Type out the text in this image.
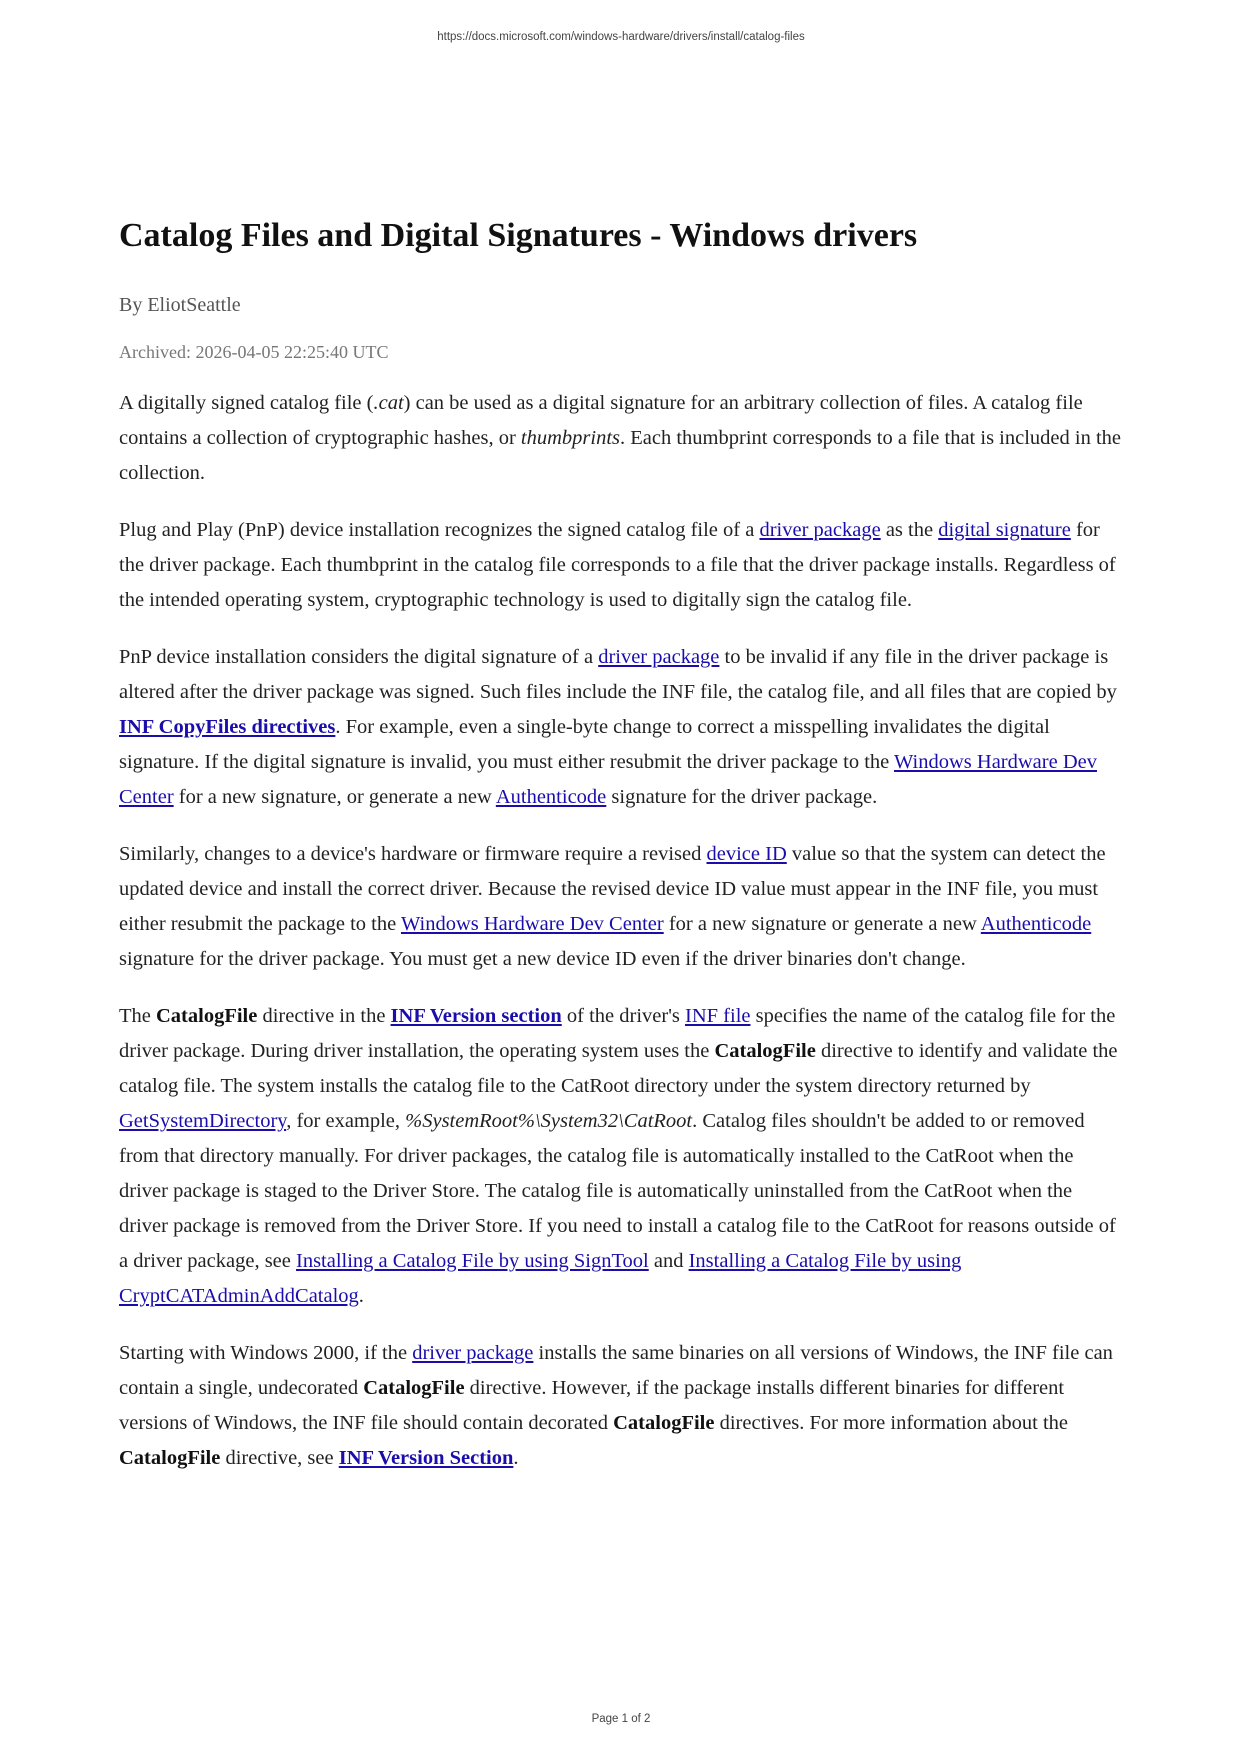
https://docs.microsoft.com/windows-hardware/drivers/install/catalog-files
Catalog Files and Digital Signatures - Windows drivers
By EliotSeattle
Archived: 2026-04-05 22:25:40 UTC
A digitally signed catalog file (.cat) can be used as a digital signature for an arbitrary collection of files. A catalog file contains a collection of cryptographic hashes, or thumbprints. Each thumbprint corresponds to a file that is included in the collection.
Plug and Play (PnP) device installation recognizes the signed catalog file of a driver package as the digital signature for the driver package. Each thumbprint in the catalog file corresponds to a file that the driver package installs. Regardless of the intended operating system, cryptographic technology is used to digitally sign the catalog file.
PnP device installation considers the digital signature of a driver package to be invalid if any file in the driver package is altered after the driver package was signed. Such files include the INF file, the catalog file, and all files that are copied by INF CopyFiles directives. For example, even a single-byte change to correct a misspelling invalidates the digital signature. If the digital signature is invalid, you must either resubmit the driver package to the Windows Hardware Dev Center for a new signature, or generate a new Authenticode signature for the driver package.
Similarly, changes to a device's hardware or firmware require a revised device ID value so that the system can detect the updated device and install the correct driver. Because the revised device ID value must appear in the INF file, you must either resubmit the package to the Windows Hardware Dev Center for a new signature or generate a new Authenticode signature for the driver package. You must get a new device ID even if the driver binaries don't change.
The CatalogFile directive in the INF Version section of the driver's INF file specifies the name of the catalog file for the driver package. During driver installation, the operating system uses the CatalogFile directive to identify and validate the catalog file. The system installs the catalog file to the CatRoot directory under the system directory returned by GetSystemDirectory, for example, %SystemRoot%\System32\CatRoot. Catalog files shouldn't be added to or removed from that directory manually. For driver packages, the catalog file is automatically installed to the CatRoot when the driver package is staged to the Driver Store. The catalog file is automatically uninstalled from the CatRoot when the driver package is removed from the Driver Store. If you need to install a catalog file to the CatRoot for reasons outside of a driver package, see Installing a Catalog File by using SignTool and Installing a Catalog File by using CryptCATAdminAddCatalog.
Starting with Windows 2000, if the driver package installs the same binaries on all versions of Windows, the INF file can contain a single, undecorated CatalogFile directive. However, if the package installs different binaries for different versions of Windows, the INF file should contain decorated CatalogFile directives. For more information about the CatalogFile directive, see INF Version Section.
Page 1 of 2
